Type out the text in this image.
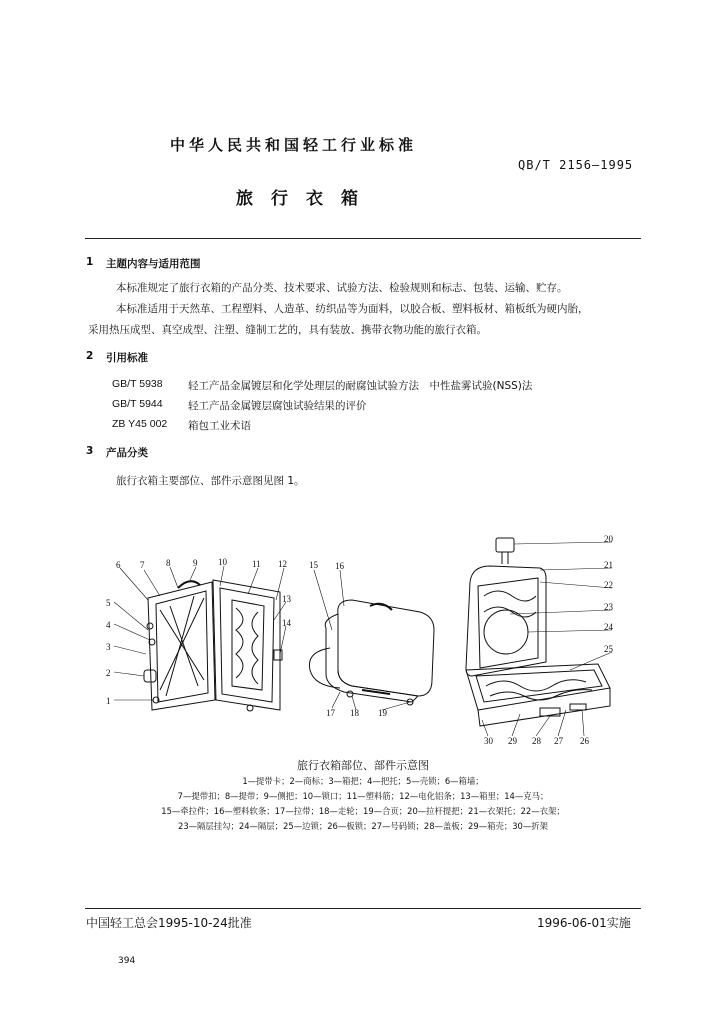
中华人民共和国轻工行业标准
QB/T 2156—1995
旅行衣箱
1 主题内容与适用范围
本标准规定了旅行衣箱的产品分类、技术要求、试验方法、检验规则和标志、包装、运输、贮存。
本标准适用于天然革、工程塑料、人造革、纺织品等为面料，以胶合板、塑料板材、箱板纸为硬内胎，
采用热压成型、真空成型、注塑、缝制工艺的，具有装放、携带衣物功能的旅行衣箱。
2 引用标准
GB/T 5938 轻工产品金属镀层和化学处理层的耐腐蚀试验方法　中性盐雾试验(NSS)法
GB/T 5944 轻工产品金属镀层腐蚀试验结果的评价
ZB Y45 002 箱包工业术语
3 产品分类
旅行衣箱主要部位、部件示意图见图 1。
1
2
3
4
5
6 7 8	9 10	11 12
13
14
15 16
17 18 19
20
21
22
23
24
25
26
27
28
29
30
旅行衣箱部位、部件示意图
1—提带卡；2—商标；3—箱把；4—把托；5—壳锁；6—箱墙；
7—提带扣；8—提带；9—侧把；10—锁口；11—塑料筋；12—电化铝条；13—箱里；14—克马；
15—牵拉件；16—塑料软条；17—拉带；18—走轮；19—合页；20—拉杆提把；21—衣架托；22—衣架；
23—隔层挂勾；24—隔层；25—边锁；26—板锁；27—号码锁；28—盖板；29—箱壳；30—折架
中国轻工总会1995-10-24批准	1996-06-01实施
394
